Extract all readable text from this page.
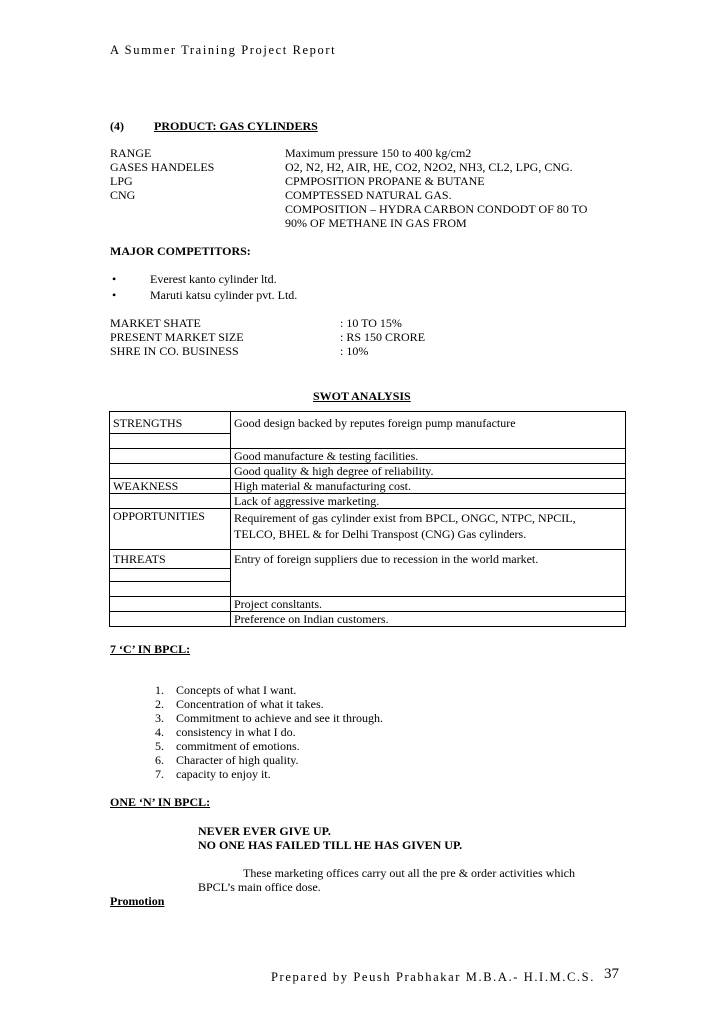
A Summer Training Project Report
(4)	PRODUCT: GAS CYLINDERS
RANGE	Maximum pressure 150 to 400 kg/cm2
GASES HANDELES	O2, N2, H2, AIR, HE, CO2, N2O2, NH3, CL2, LPG, CNG.
LPG	CPMPOSITION PROPANE & BUTANE
CNG	COMPTESSED NATURAL GAS.
COMPOSITION – HYDRA CARBON CONDODT OF 80 TO
90% OF METHANE IN GAS FROM
MAJOR COMPETITORS:
•	Everest kanto cylinder ltd.
•	Maruti katsu cylinder pvt. Ltd.
MARKET SHATE	: 10 TO 15%
PRESENT MARKET SIZE	: RS 150 CRORE
SHRE IN CO. BUSINESS	: 10%
SWOT ANALYSIS
STRENGTHS	Good design backed by reputes foreign pump manufacture

	Good manufacture & testing facilities.
	Good quality & high degree of reliability.
WEAKNESS	High material & manufacturing cost.
	Lack of aggressive marketing.
OPPORTUNITIES	Requirement of gas cylinder exist from BPCL, ONGC, NTPC, NPCIL,
	TELCO, BHEL & for Delhi Transpost (CNG) Gas cylinders.
THREATS	Entry of foreign suppliers due to recession in the world market.

	Project consltants.
	Preference on Indian customers.
7 ‘C’ IN BPCL:
1. Concepts of what I want.
2. Concentration of what it takes.
3. Commitment to achieve and see it through.
4. consistency in what I do.
5. commitment of emotions.
6. Character of high quality.
7. capacity to enjoy it.
ONE ‘N’ IN BPCL:
NEVER EVER GIVE UP.
NO ONE HAS FAILED TILL HE HAS GIVEN UP.
These marketing offices carry out all the pre & order activities which
BPCL’s main office dose.
Promotion
Prepared by Peush Prabhakar M.B.A.- H.I.M.C.S. 37
